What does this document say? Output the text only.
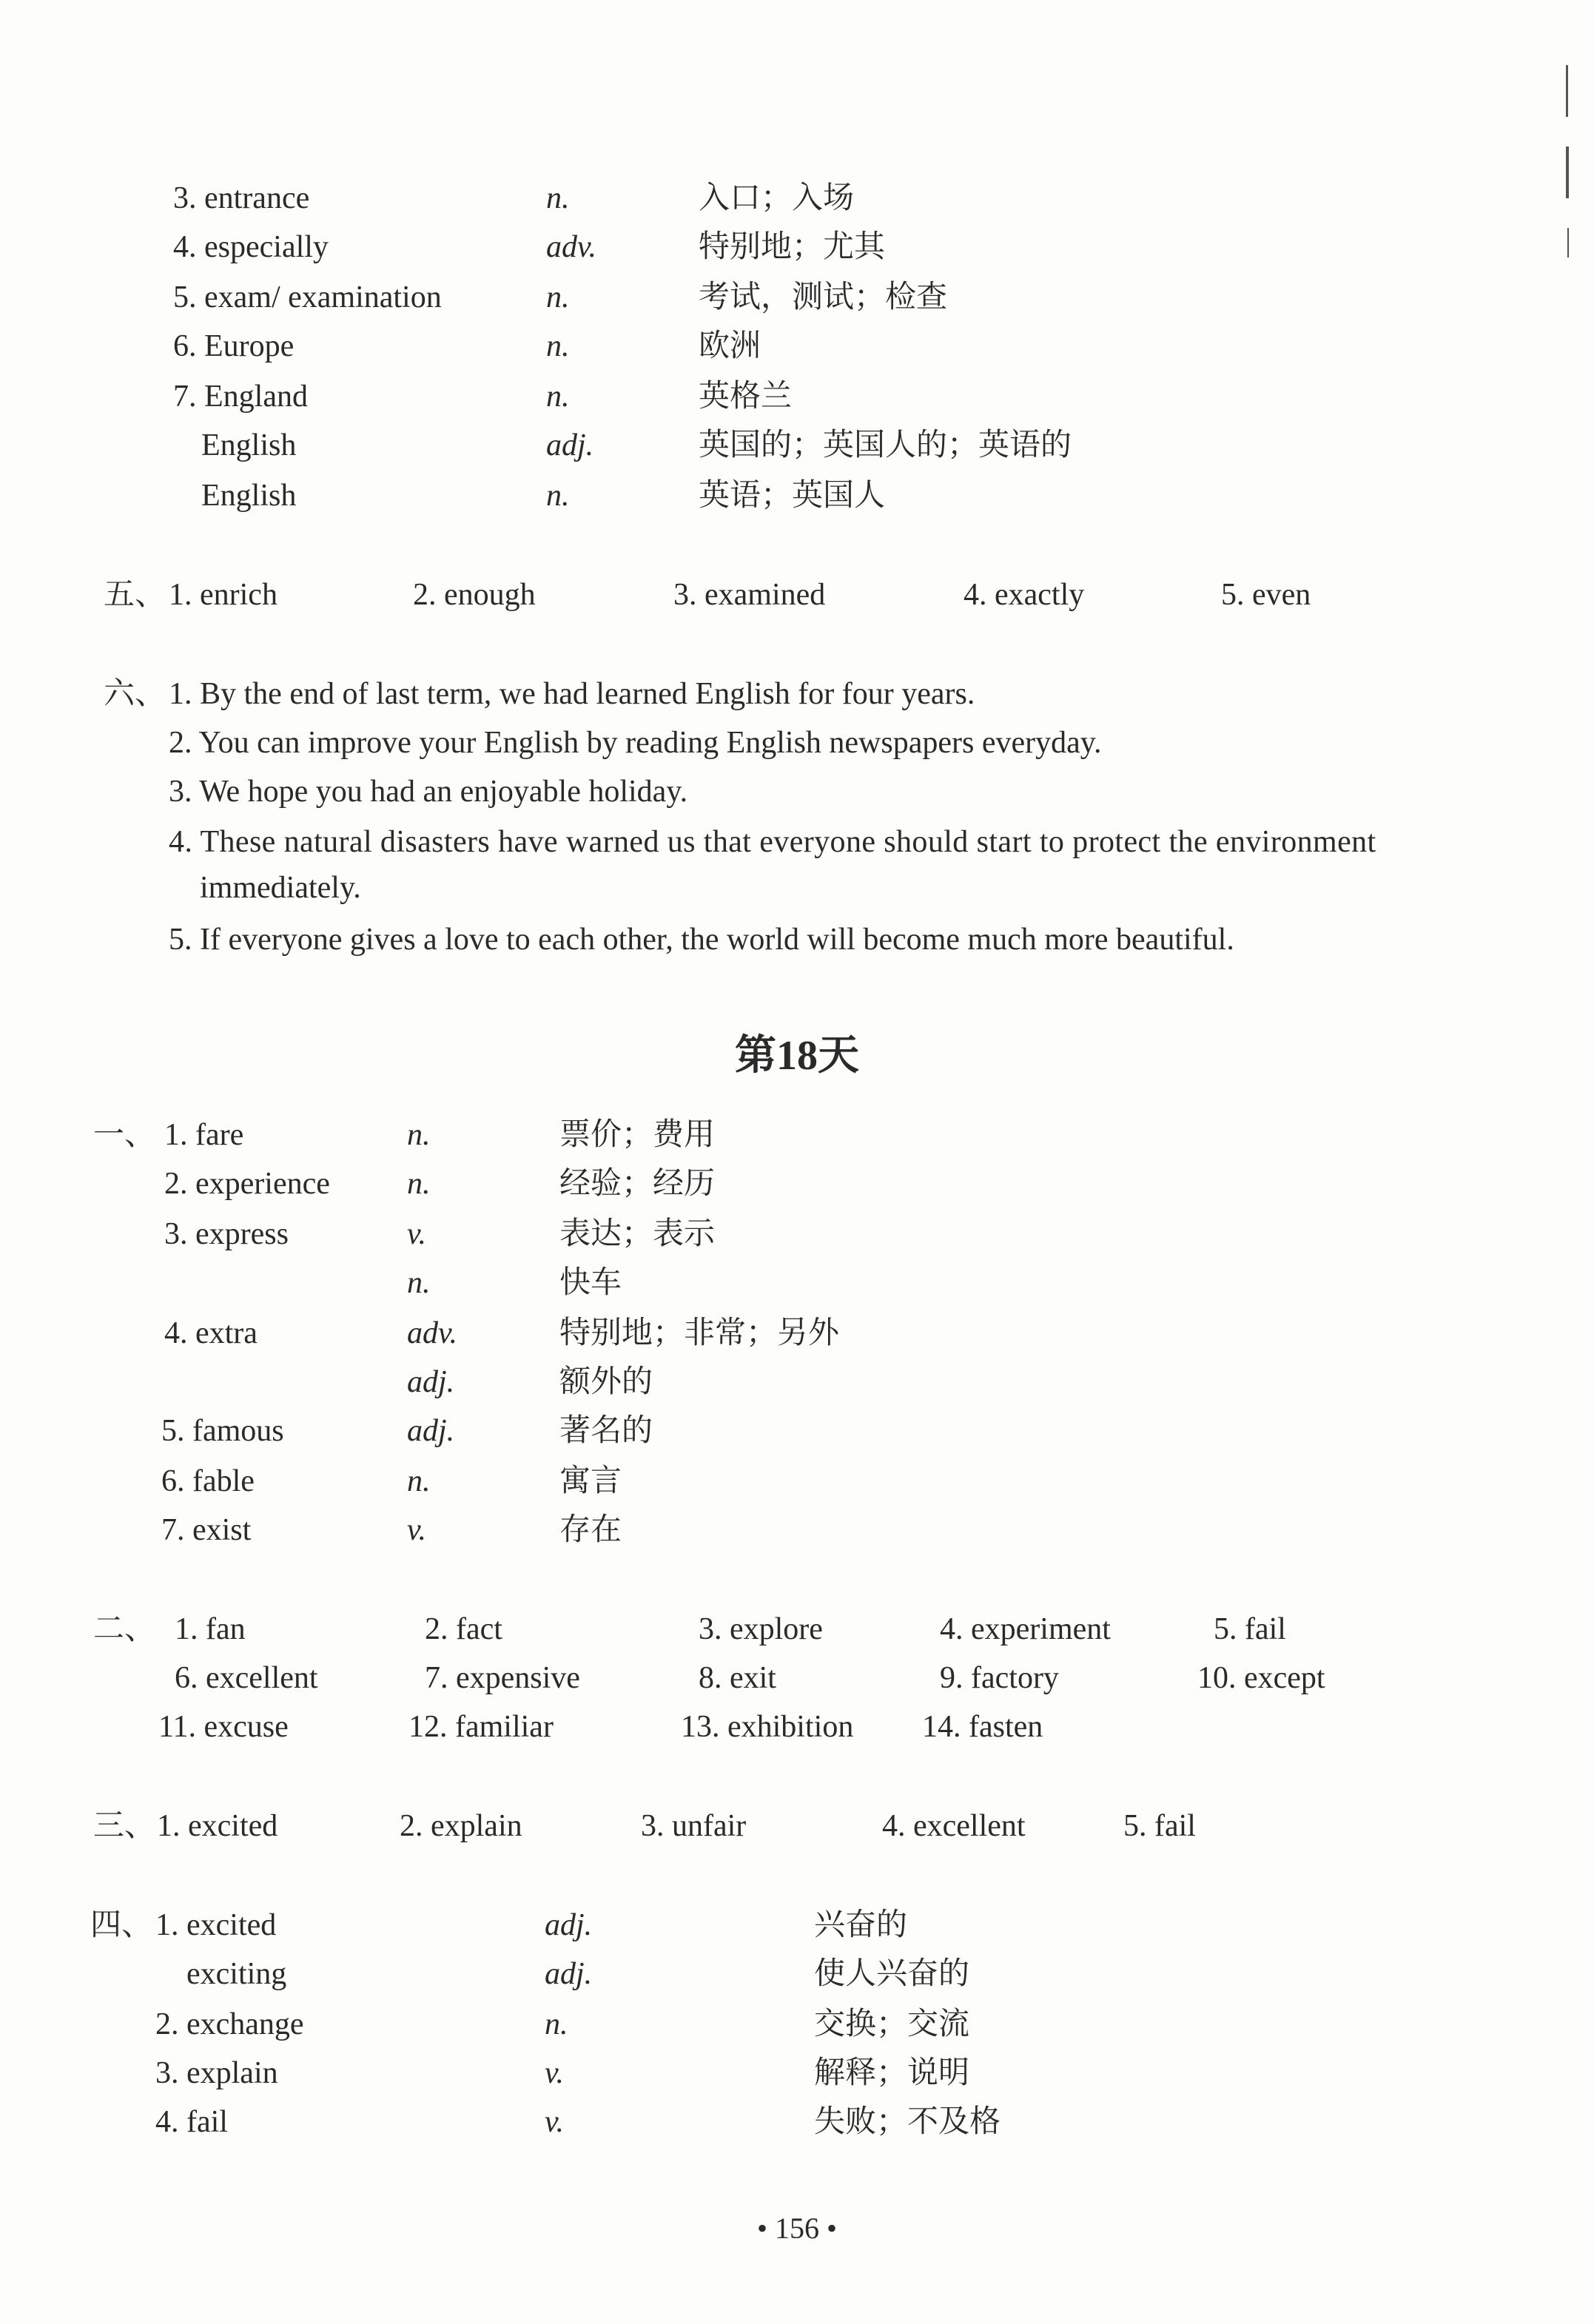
3. entrance	n.	入口；入场
4. especially	adv.	特别地；尤其
5. exam/ examination	n.	考试，测试；检查
6. Europe	n.	欧洲
7. England	n.	英格兰
English	adj.	英国的；英国人的；英语的
English	n.	英语；英国人
五、 1. enrich	2. enough	3. examined	4. exactly	5. even
六、 1. By the end of last term, we had learned English for four years.
2. You can improve your English by reading English newspapers everyday.
3. We hope you had an enjoyable holiday.
4. These natural disasters have warned us that everyone should start to protect the environment
immediately.
5. If everyone gives a love to each other, the world will become much more beautiful.
第18天
一、 1. fare	n.	票价；费用
2. experience n.	经验；经历
3. express	v.	表达；表示
n.	快车
4. extra	adv.	特别地；非常；另外
adj.	额外的
5. famous	adj.	著名的
6. fable	n.	寓言
7. exist	v.	存在
二、 1. fan	2. fact	3. explore	4. experiment	5. fail
6. excellent	7. expensive	8. exit	9. factory	10. except
11. excuse	12. familiar	13. exhibition 14. fasten
三、 1. excited	2. explain	3. unfair	4. excellent	5. fail
四、 1. excited	adj.	兴奋的
exciting	adj.	使人兴奋的
2. exchange	n.	交换；交流
3. explain	v.	解释；说明
4. fail	v.	失败；不及格
• 156 •
